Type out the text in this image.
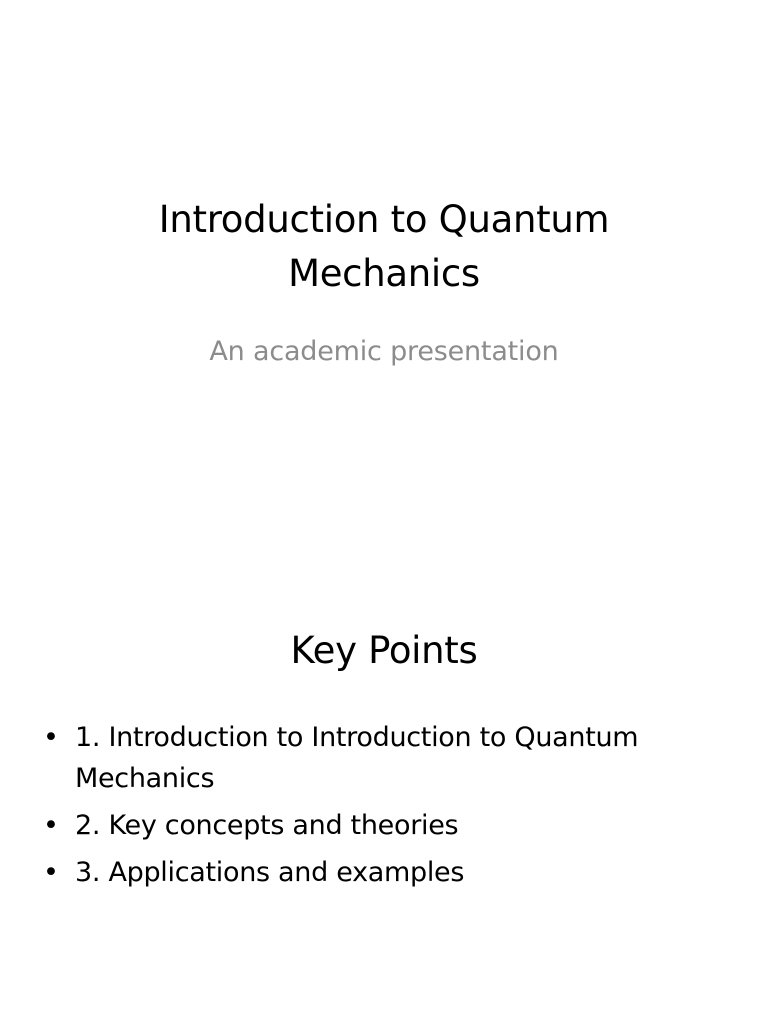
Introduction to Quantum Mechanics

An academic presentation

Key Points
• 1. Introduction to Introduction to Quantum Mechanics
• 2. Key concepts and theories
• 3. Applications and examples
